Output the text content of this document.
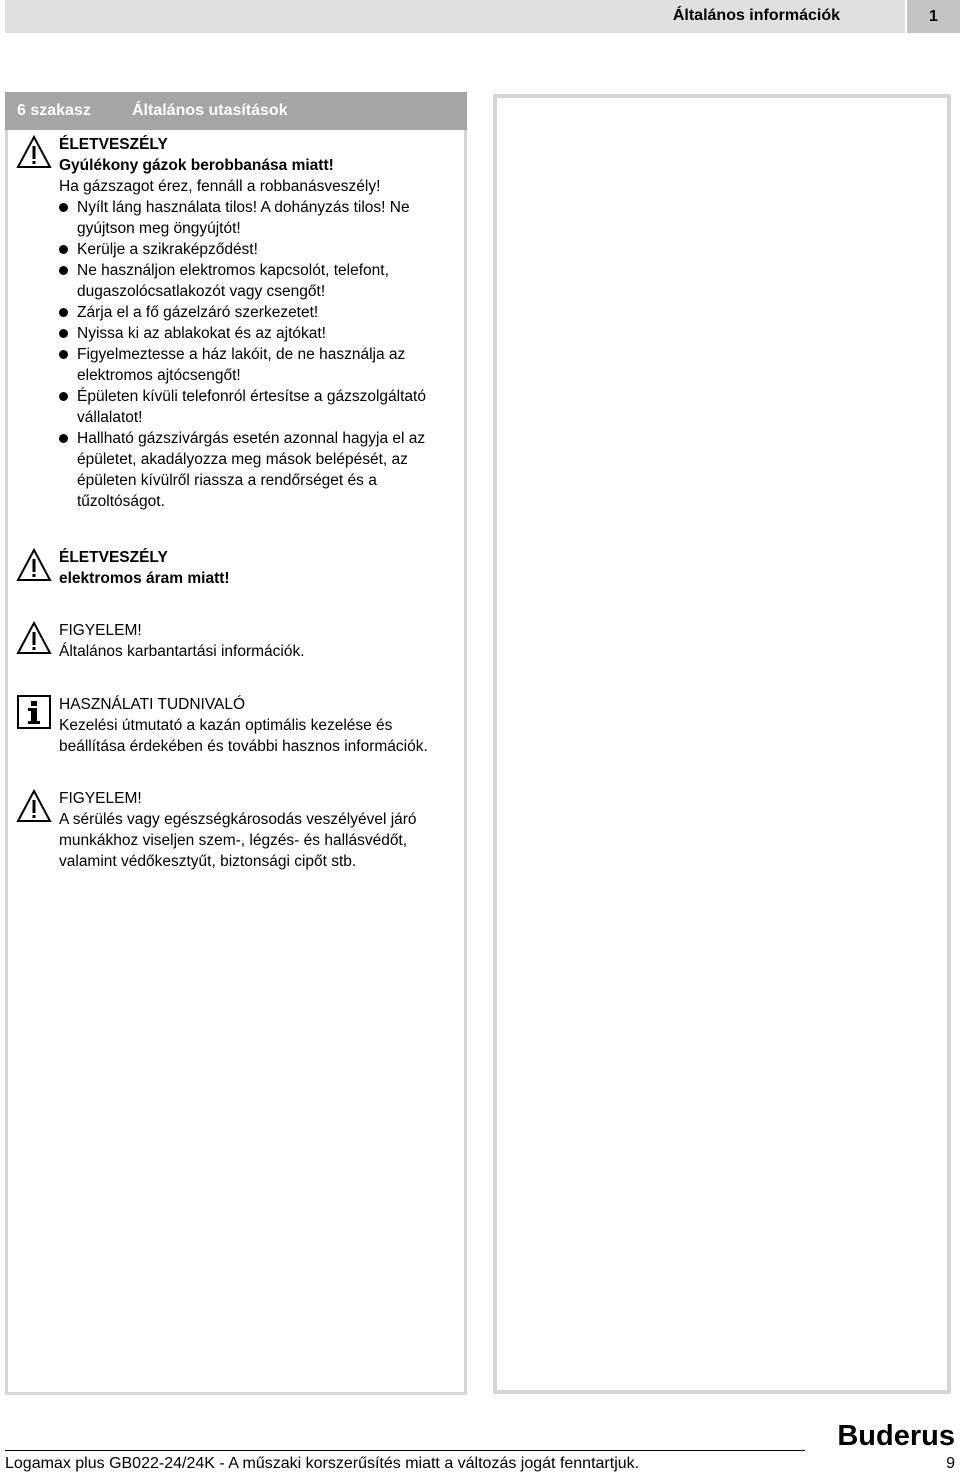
Általános információk	1
6 szakasz	Általános utasítások
ÉLETVESZÉLY
Gyúlékony gázok berobbanása miatt!
Ha gázszagot érez, fennáll a robbanásveszély!
Nyílt láng használata tilos! A dohányzás tilos! Ne gyújtson meg öngyújtót!
Kerülje a szikraképződést!
Ne használjon elektromos kapcsolót, telefont, dugaszolócsatlakozót vagy csengőt!
Zárja el a fő gázelzáró szerkezetet!
Nyissa ki az ablakokat és az ajtókat!
Figyelmeztesse a ház lakóit, de ne használja az elektromos ajtócsengőt!
Épületen kívüli telefonról értesítse a gázszolgáltató vállalatot!
Hallható gázszivárgás esetén azonnal hagyja el az épületet, akadályozza meg mások belépését, az épületen kívülről riassza a rendőrséget és a tűzoltóságot.
ÉLETVESZÉLY
elektromos áram miatt!
FIGYELEM!
Általános karbantartási információk.
HASZNÁLATI TUDNIVALÓ
Kezelési útmutató a kazán optimális kezelése és beállítása érdekében és további hasznos információk.
FIGYELEM!
A sérülés vagy egészségkárosodás veszélyével járó munkákhoz viseljen szem-, légzés- és hallásvédőt, valamint védőkesztyűt, biztonsági cipőt stb.
Buderus
Logamax plus GB022-24/24K - A műszaki korszerűsítés miatt a változás jogát fenntartjuk.	9
